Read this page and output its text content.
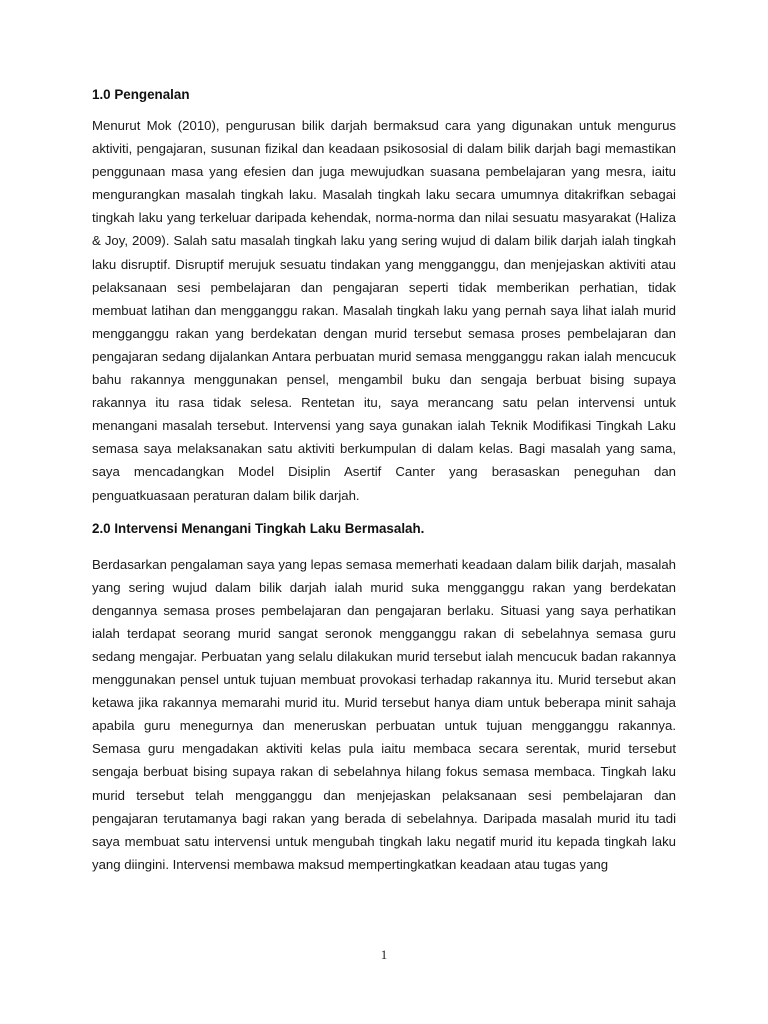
1.0 Pengenalan

Menurut Mok (2010), pengurusan bilik darjah bermaksud cara yang digunakan untuk mengurus aktiviti, pengajaran, susunan fizikal dan keadaan psikososial di dalam bilik darjah bagi memastikan penggunaan masa yang efesien dan juga mewujudkan suasana pembelajaran yang mesra, iaitu mengurangkan masalah tingkah laku. Masalah tingkah laku secara umumnya ditakrifkan sebagai tingkah laku yang terkeluar daripada kehendak, norma-norma dan nilai sesuatu masyarakat (Haliza & Joy, 2009). Salah satu masalah tingkah laku yang sering wujud di dalam bilik darjah ialah tingkah laku disruptif. Disruptif merujuk sesuatu tindakan yang mengganggu, dan menjejaskan aktiviti atau pelaksanaan sesi pembelajaran dan pengajaran seperti tidak memberikan perhatian, tidak membuat latihan dan mengganggu rakan. Masalah tingkah laku yang pernah saya lihat ialah murid mengganggu rakan yang berdekatan dengan murid tersebut semasa proses pembelajaran dan pengajaran sedang dijalankan Antara perbuatan murid semasa mengganggu rakan ialah mencucuk bahu rakannya menggunakan pensel, mengambil buku dan sengaja berbuat bising supaya rakannya itu rasa tidak selesa. Rentetan itu, saya merancang satu pelan intervensi untuk menangani masalah tersebut. Intervensi yang saya gunakan ialah Teknik Modifikasi Tingkah Laku semasa saya melaksanakan satu aktiviti berkumpulan di dalam kelas. Bagi masalah yang sama, saya mencadangkan Model Disiplin Asertif Canter yang berasaskan peneguhan dan penguatkuasaan peraturan dalam bilik darjah.

2.0 Intervensi Menangani Tingkah Laku Bermasalah.

Berdasarkan pengalaman saya yang lepas semasa memerhati keadaan dalam bilik darjah, masalah yang sering wujud dalam bilik darjah ialah murid suka mengganggu rakan yang berdekatan dengannya semasa proses pembelajaran dan pengajaran berlaku. Situasi yang saya perhatikan ialah terdapat seorang murid sangat seronok mengganggu rakan di sebelahnya semasa guru sedang mengajar. Perbuatan yang selalu dilakukan murid tersebut ialah mencucuk badan rakannya menggunakan pensel untuk tujuan membuat provokasi terhadap rakannya itu. Murid tersebut akan ketawa jika rakannya memarahi murid itu. Murid tersebut hanya diam untuk beberapa minit sahaja apabila guru menegurnya dan meneruskan perbuatan untuk tujuan mengganggu rakannya. Semasa guru mengadakan aktiviti kelas pula iaitu membaca secara serentak, murid tersebut sengaja berbuat bising supaya rakan di sebelahnya hilang fokus semasa membaca. Tingkah laku murid tersebut telah mengganggu dan menjejaskan pelaksanaan sesi pembelajaran dan pengajaran terutamanya bagi rakan yang berada di sebelahnya. Daripada masalah murid itu tadi saya membuat satu intervensi untuk mengubah tingkah laku negatif murid itu kepada tingkah laku yang diingini. Intervensi membawa maksud mempertingkatkan keadaan atau tugas yang

1
